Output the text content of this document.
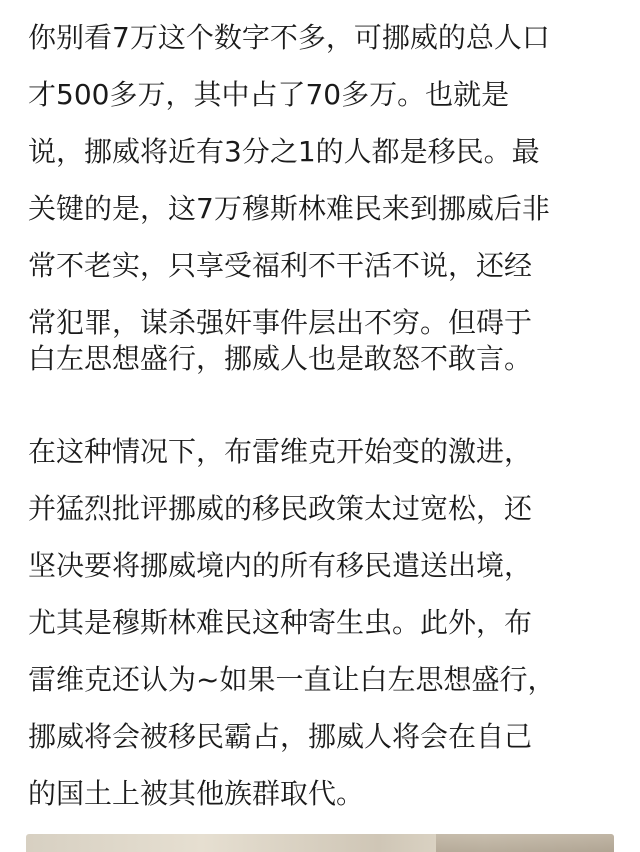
你别看7万这个数字不多，可挪威的总人口
才500多万，其中占了70多万。也就是
说，挪威将近有3分之1的人都是移民。最
关键的是，这7万穆斯林难民来到挪威后非
常不老实，只享受福利不干活不说，还经
常犯罪，谋杀强奸事件层出不穷。但碍于
白左思想盛行，挪威人也是敢怒不敢言。
在这种情况下，布雷维克开始变的激进，
并猛烈批评挪威的移民政策太过宽松，还
坚决要将挪威境内的所有移民遣送出境，
尤其是穆斯林难民这种寄生虫。此外，布
雷维克还认为~如果一直让白左思想盛行，
挪威将会被移民霸占，挪威人将会在自己
的国土上被其他族群取代。
